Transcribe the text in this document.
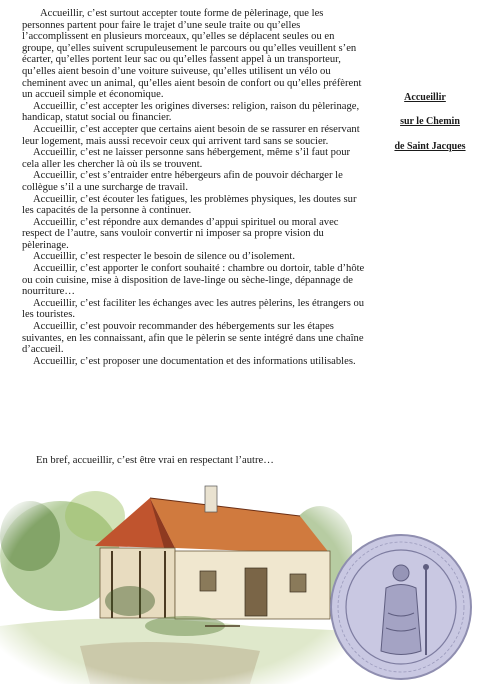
Accueillir, c’est surtout accepter toute forme de pèlerinage, que les personnes partent pour faire le trajet d’une seule traite ou qu’elles l’accomplissent en plusieurs morceaux, qu’elles se déplacent seules ou en groupe, qu’elles suivent scrupuleusement le parcours ou qu’elles veuillent s’en écarter, qu’elles portent leur sac ou qu’elles fassent appel à un transporteur, qu’elles aient besoin d’une voiture suiveuse, qu’elles utilisent un vélo ou cheminent avec un animal, qu’elles aient besoin de confort ou qu’elles préfèrent un accueil simple et économique.

Accueillir, c’est accepter les origines diverses: religion, raison du pèlerinage, handicap, statut social ou financier.

Accueillir, c’est accepter que certains aient besoin de se rassurer en réservant leur logement, mais aussi recevoir ceux qui arrivent tard sans se soucier.

Accueillir, c’est ne laisser personne sans hébergement, même s’il faut pour cela aller les chercher là où ils se trouvent.

Accueillir, c’est s’entraider entre hébergeurs afin de pouvoir décharger le collègue s’il a une surcharge de travail.

Accueillir, c’est écouter les fatigues, les problèmes physiques, les doutes sur les capacités de la personne à continuer.

Accueillir, c’est répondre aux demandes d’appui spirituel ou moral avec respect de l’autre, sans vouloir convertir ni imposer sa propre vision du pèlerinage.

Accueillir, c’est respecter le besoin de silence ou d’isolement.

Accueillir, c’est apporter le confort souhaité : chambre ou dortoir, table d’hôte ou coin cuisine, mise à disposition de lave-linge ou sèche-linge, dépannage de nourriture…

Accueillir, c’est faciliter les échanges avec les autres pèlerins, les étrangers ou les touristes.

Accueillir, c’est pouvoir recommander des hébergements sur les étapes suivantes, en les connaissant, afin que le pèlerin se sente intégré dans une chaîne d’accueil.

Accueillir, c’est proposer une documentation et des informations utilisables.

En bref, accueillir, c’est être vrai en respectant l’autre…
Accueillir
sur le Chemin
de Saint Jacques
